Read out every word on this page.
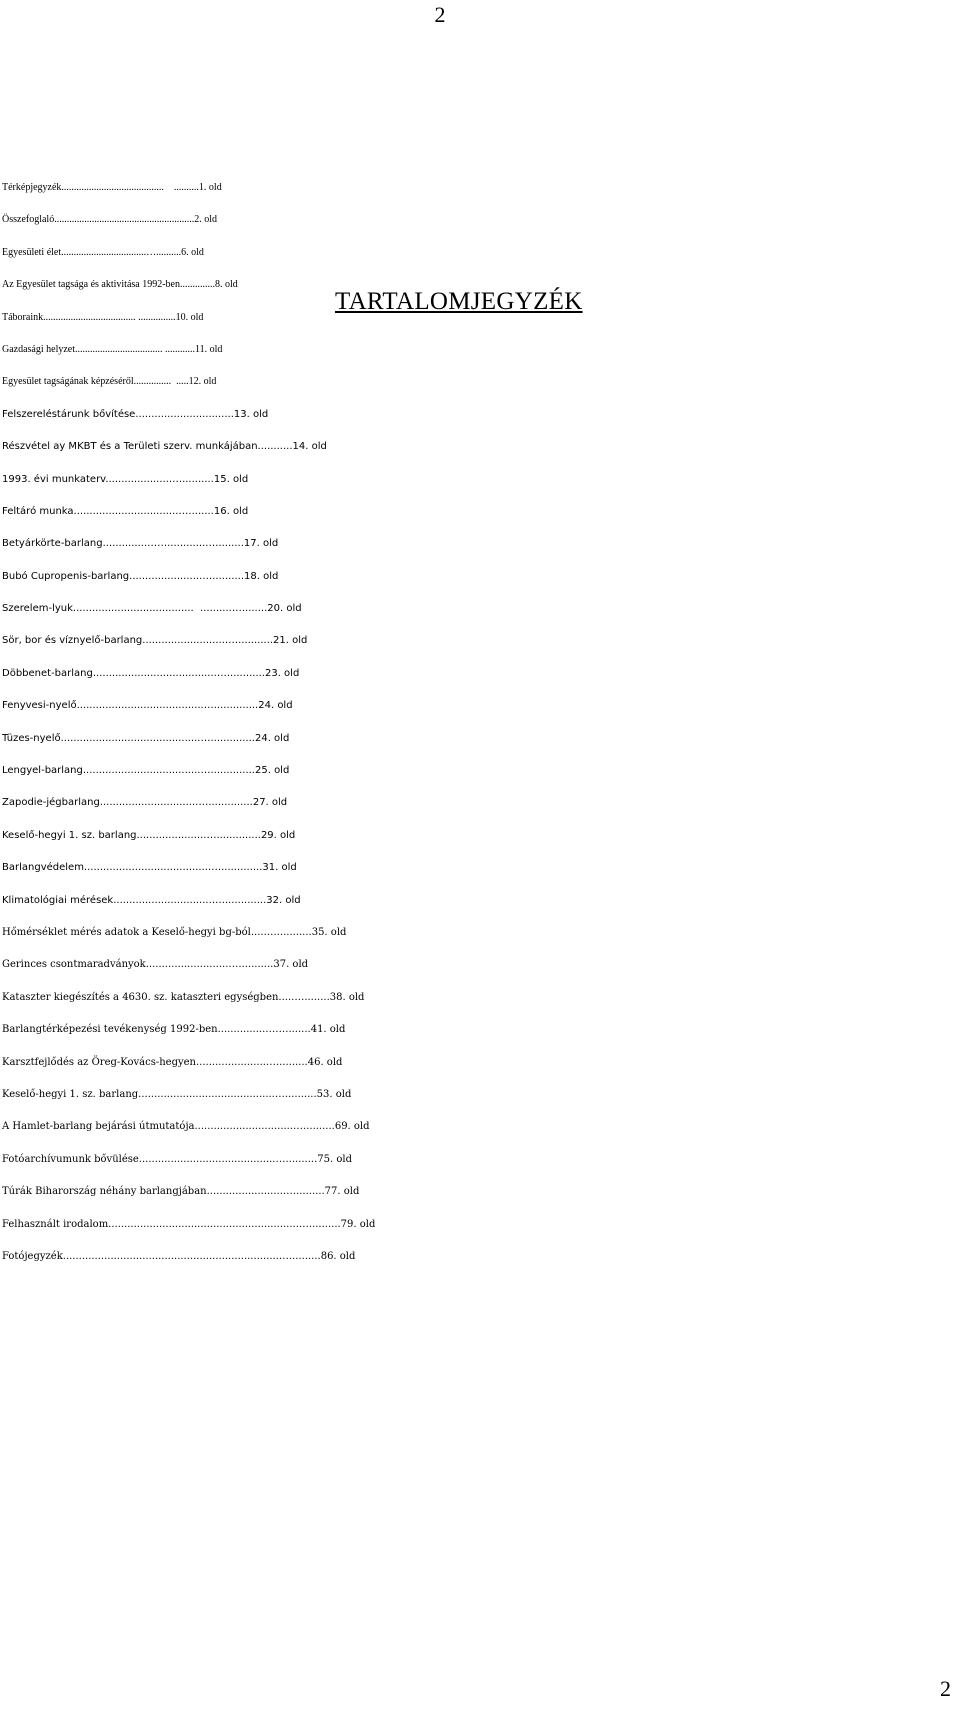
2
TARTALOMJEGYZÉK
Térképjegyzék.........................................    ..........1. old
Összefoglaló........................................................2. old
Egyesületi élet..................................…..........6. old
Az Egyesület tagsága és aktivitása 1992-ben..............8. old
Táboraink..................................... ...............10. old
Gazdasági helyzet................................... ............11. old
Egyesület tagságának képzéséről...............  .....12. old
Felszereléstárunk bővítése...............................13. old
Részvétel ay MKBT és a Területi szerv. munkájában...........14. old
1993. évi munkaterv....................…...........15. old
Feltáró munka.................................…........16. old
Betyárkörte-barlang..............…….............…........17. old
Bubó Cupropenis-barlang.......................…..........18. old
Szerelem-lyuk......................................  ..........…........20. old
Sör, bor és víznyelő-barlang..........................…............21. old
Döbbenet-barlang.......................................…............23. old
Fenyvesi-nyelő........................................…..............24. old
Tüzes-nyelő............................................…..............24. old
Lengyel-barlang.....................................…..............25. old
Zapodie-jégbarlang...............................…..............27. old
Keselő-hegyi 1. sz. barlang......................…..............29. old
Barlangvédelem.......................................…..............31. old
Klimatológiai mérések...............................…..............32. old
Hőmérséklet mérés adatok a Keselő-hegyi bg-ból.....…...........35. old
Gerinces csontmaradványok..........................…...........37. old
Kataszter kiegészítés a 4630. sz. kataszteri egységben.....…........38. old
Barlangtérképezési tevékenység 1992-ben...............……........41. old
Karsztfejlődés az Öreg-Kovács-hegyen......................…..........46. old
Keselő-hegyi 1. sz. barlang...........................................…..........53. old
A Hamlet-barlang bejárási útmutatója...............................…..........69. old
Fotóarchívumunk bővülése...........................................…..........75. old
Túrák Biharország néhány barlangjában.........................….........77. old
Felhasznált irodalom............................................................…..........79. old
Fotójegyzék....................................................................…..........86. old
2
